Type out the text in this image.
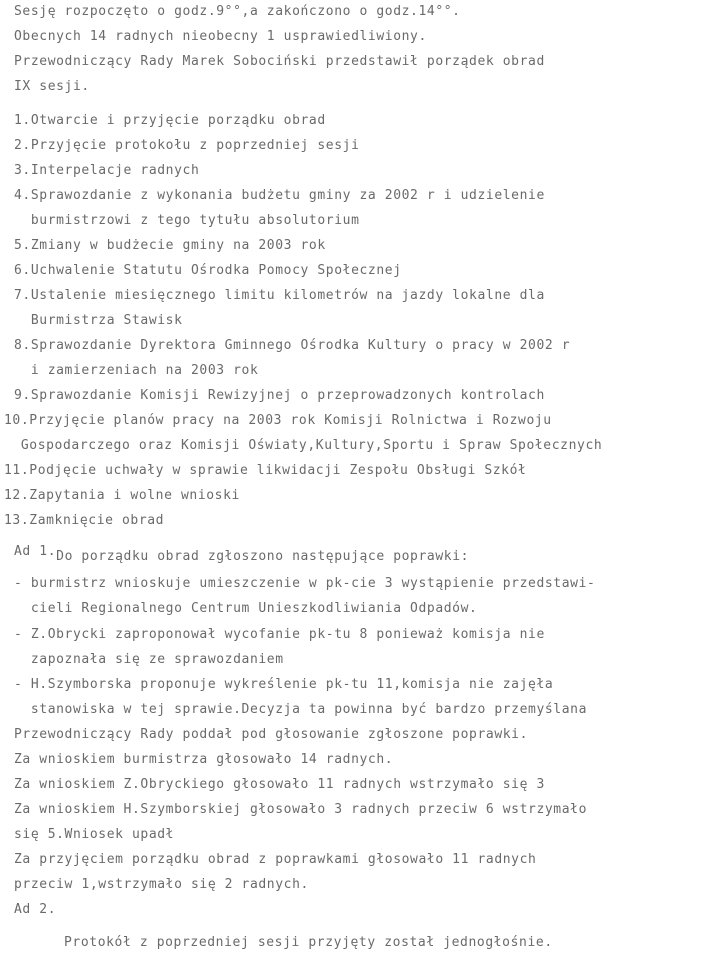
Sesję rozpoczęto o godz.9°°,a zakończono o godz.14°°.
Obecnych 14 radnych nieobecny 1 usprawiedliwiony.
Przewodniczący Rady Marek Sobociński przedstawił porządek obrad
IX sesji.
1.Otwarcie i przyjęcie porządku obrad
2.Przyjęcie protokołu z poprzedniej sesji
3.Interpelacje radnych
4.Sprawozdanie z wykonania budżetu gminy za 2002 r i udzielenie
burmistrzowi z tego tytułu absolutorium
5.Zmiany w budżecie gminy na 2003 rok
6.Uchwalenie Statutu Ośrodka Pomocy Społecznej
7.Ustalenie miesięcznego limitu kilometrów na jazdy lokalne dla
Burmistrza Stawisk
8.Sprawozdanie Dyrektora Gminnego Ośrodka Kultury o pracy w 2002 r
i zamierzeniach na 2003 rok
9.Sprawozdanie Komisji Rewizyjnej o przeprowadzonych kontrolach
10.Przyjęcie planów pracy na 2003 rok Komisji Rolnictwa i Rozwoju
Gospodarczego oraz Komisji Oświaty,Kultury,Sportu i Spraw Społecznych
11.Podjęcie uchwały w sprawie likwidacji Zespołu Obsługi Szkół
12.Zapytania i wolne wnioski
13.Zamknięcie obrad
Ad 1.Do porządku obrad zgłoszono następujące poprawki:
- burmistrz wnioskuje umieszczenie w pk-cie 3 wystąpienie przedstawi-
cieli Regionalnego Centrum Unieszkodliwiania Odpadów.
- Z.Obrycki zaproponował wycofanie pk-tu 8 ponieważ komisja nie
zapoznała się ze sprawozdaniem
- H.Szymborska proponuje wykreślenie pk-tu 11,komisja nie zajęła
stanowiska w tej sprawie.Decyzja ta powinna być bardzo przemyślana
Przewodniczący Rady poddał pod głosowanie zgłoszone poprawki.
Za wnioskiem burmistrza głosowało 14 radnych.
Za wnioskiem Z.Obryckiego głosowało 11 radnych wstrzymało się 3
Za wnioskiem H.Szymborskiej głosowało 3 radnych przeciw 6 wstrzymało
się 5.Wniosek upadł
Za przyjęciem porządku obrad z poprawkami głosowało 11 radnych
przeciw 1,wstrzymało się 2 radnych.
Ad 2.
Protokół z poprzedniej sesji przyjęty został jednogłośnie.
